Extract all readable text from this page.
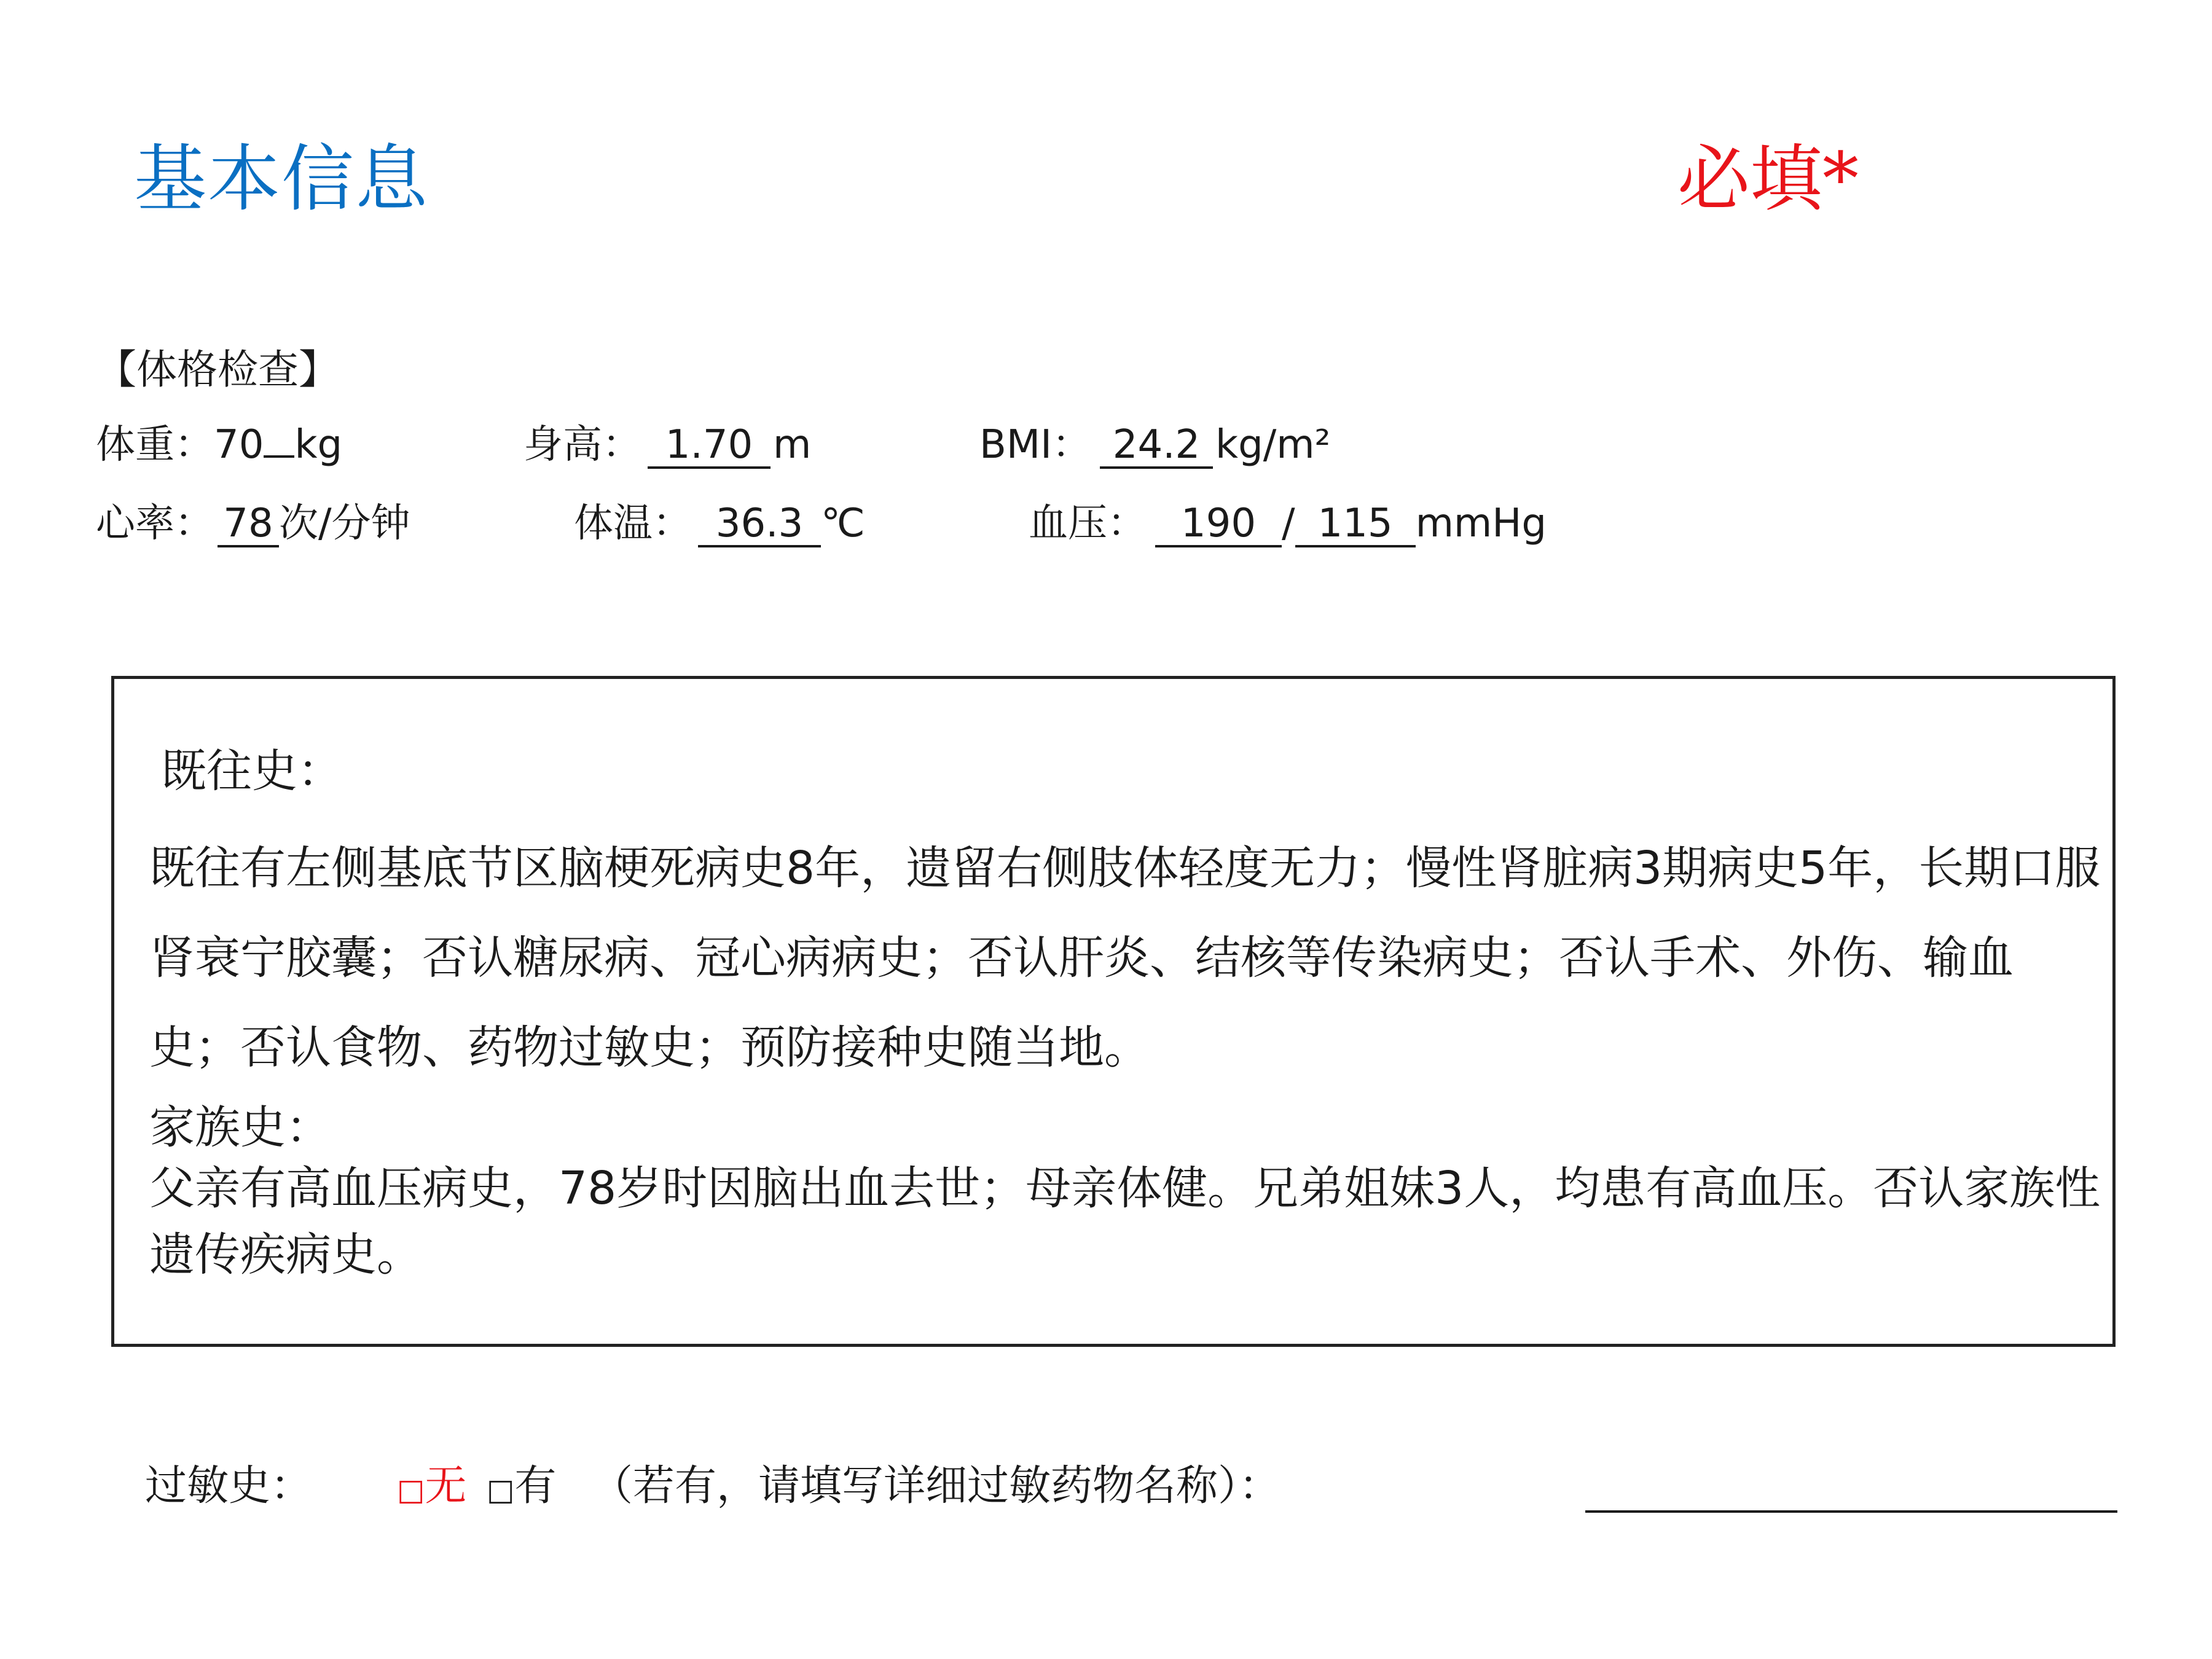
基本信息	必填*
【体格检查】
体重： 70 kg	身高： 1.70 m	BMI： 24.2 kg/m²
心率： 78 次/分钟	体温： 36.3 ℃	血压： 190 / 115 mmHg
既往史：
既往有左侧基底节区脑梗死病史8年，遗留右侧肢体轻度无力；慢性肾脏病3期病史5年，长期口服肾衰宁胶囊；否认糖尿病、冠心病病史；否认肝炎、结核等传染病史；否认手术、外伤、输血史；否认食物、药物过敏史；预防接种史随当地。
家族史：
父亲有高血压病史，78岁时因脑出血去世；母亲体健。兄弟姐妹3人，均患有高血压。否认家族性遗传疾病史。
过敏史：	□无 □有 （若有，请填写详细过敏药物名称）：
